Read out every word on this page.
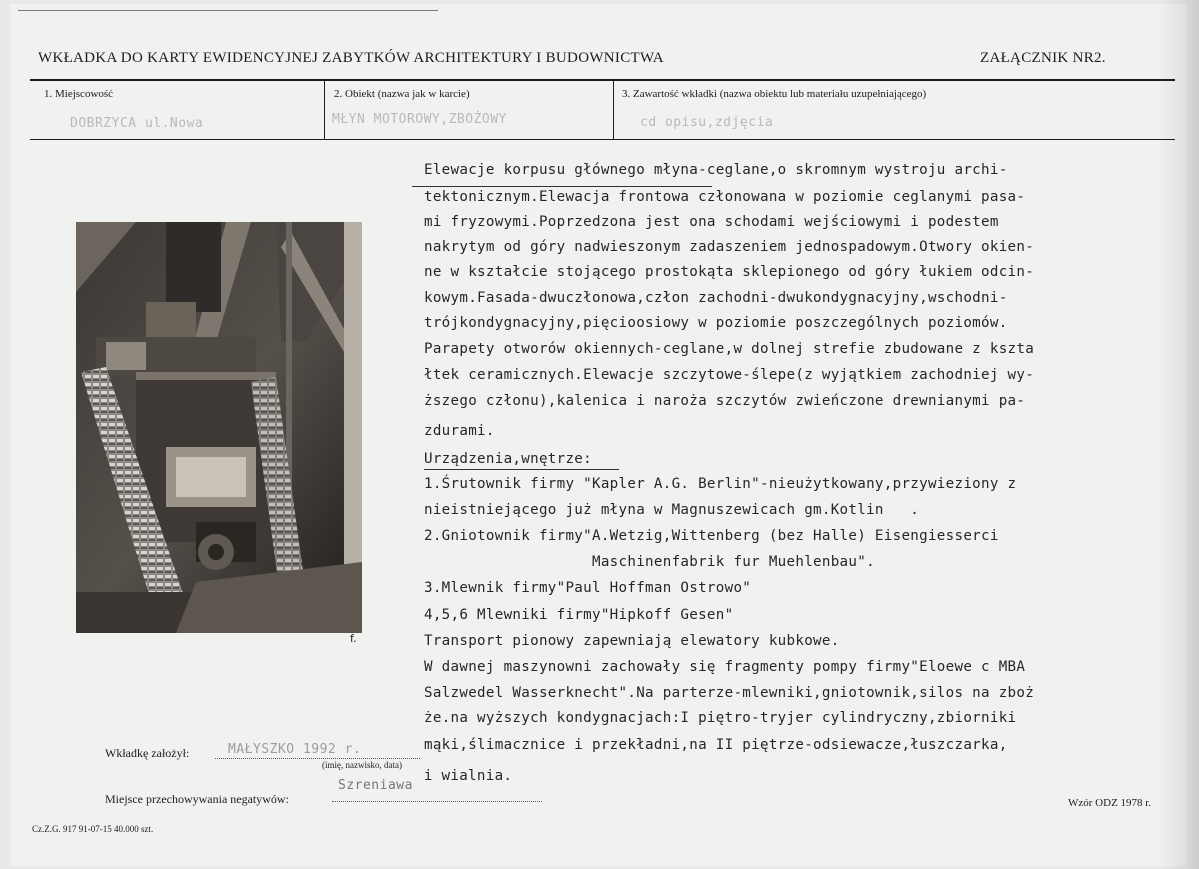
WKŁADKA DO KARTY EWIDENCYJNEJ ZABYTKÓW ARCHITEKTURY I BUDOWNICTWA	ZAŁĄCZNIK NR2.
1. Miejscowość	2. Obiekt (nazwa jak w karcie)	3. Zawartość wkładki (nazwa obiektu lub materiału uzupełniającego)
DOBRZYCA ul.Nowa	MŁYN MOTOROWY,ZBOŻOWY	cd opisu,zdjęcia
Elewacje korpusu głównego młyna-ceglane,o skromnym wystroju archi-
tektonicznym.Elewacja frontowa członowana w poziomie ceglanymi pasa-
mi fryzowymi.Poprzedzona jest ona schodami wejściowymi i podestem
nakrytym od góry nadwieszonym zadaszeniem jednospadowym.Otwory okien-
ne w kształcie stojącego prostokąta sklepionego od góry łukiem odcin-
kowym.Fasada-dwuczłonowa,człon zachodni-dwukondygnacyjny,wschodni-
trójkondygnacyjny,pięcioosiowy w poziomie poszczególnych poziomów.
Parapety otworów okiennych-ceglane,w dolnej strefie zbudowane z kszta
łtek ceramicznych.Elewacje szczytowe-ślepe(z wyjątkiem zachodniej wy-
ższego członu),kalenica i naroża szczytów zwieńczone drewnianymi pa-
zdurami.
Urządzenia,wnętrze:
1.Śrutownik firmy "Kapler A.G. Berlin"-nieużytkowany,przywieziony z
nieistniejącego już młyna w Magnuszewicach gm.Kotlin   .
2.Gniotownik firmy"A.Wetzig,Wittenberg (bez Halle) Eisengiesserci
Maschinenfabrik fur Muehlenbau".
3.Mlewnik firmy"Paul Hoffman Ostrowo"
4,5,6 Mlewniki firmy"Hipkoff Gesen"
Transport pionowy zapewniają elewatory kubkowe.
W dawnej maszynowni zachowały się fragmenty pompy firmy"Eloewe c MBA
Salzwedel Wasserknecht".Na parterze-mlewniki,gniotownik,silos na zboż
że.na wyższych kondygnacjach:I piętro-tryjer cylindryczny,zbiorniki
mąki,ślimacznice i przekładni,na II piętrze-odsiewacze,łuszczarka,
i wialnia.
f.
Wkładkę założył:	MAŁYSZKO 1992 r.
(imię, nazwisko, data)
Miejsce przechowywania negatywów:
Szreniawa
Cz.Z.G. 917 91-07-15 40.000 szt.
Wzór ODZ 1978 r.
